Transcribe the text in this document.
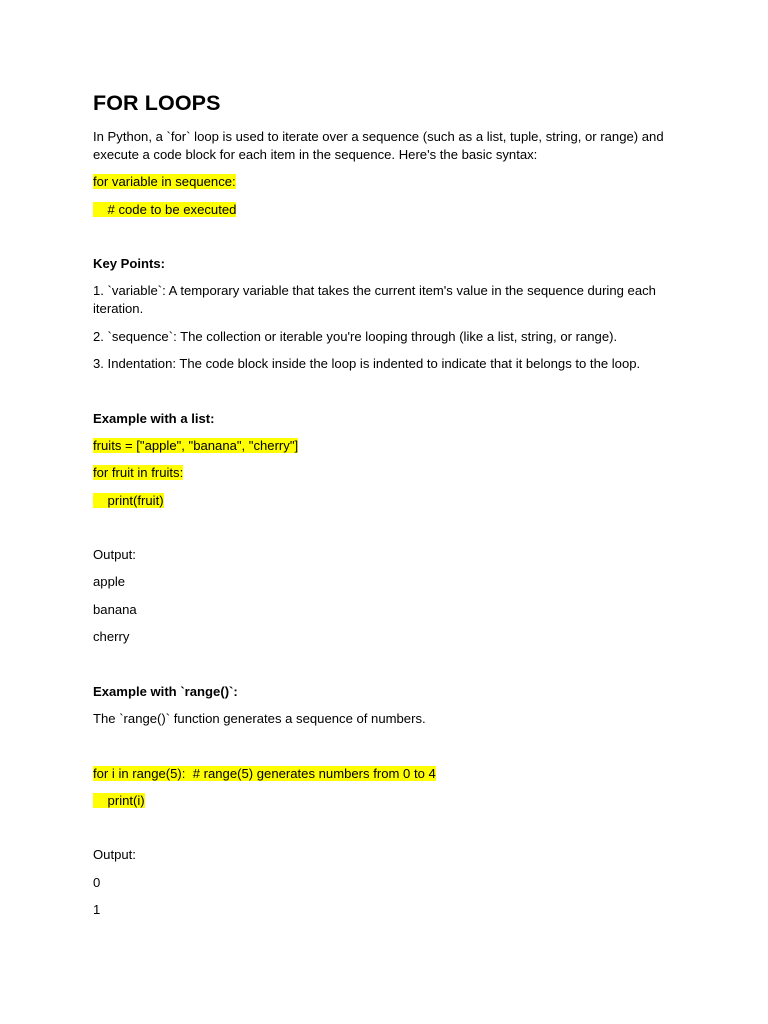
FOR LOOPS
In Python, a `for` loop is used to iterate over a sequence (such as a list, tuple, string, or range) and execute a code block for each item in the sequence. Here's the basic syntax:
for variable in sequence:
# code to be executed
Key Points:
1. `variable`: A temporary variable that takes the current item's value in the sequence during each iteration.
2. `sequence`: The collection or iterable you're looping through (like a list, string, or range).
3. Indentation: The code block inside the loop is indented to indicate that it belongs to the loop.
Example with a list:
fruits = ["apple", "banana", "cherry"]
for fruit in fruits:
print(fruit)
Output:
apple
banana
cherry
Example with `range()`:
The `range()` function generates a sequence of numbers.
for i in range(5):  # range(5) generates numbers from 0 to 4
print(i)
Output:
0
1
